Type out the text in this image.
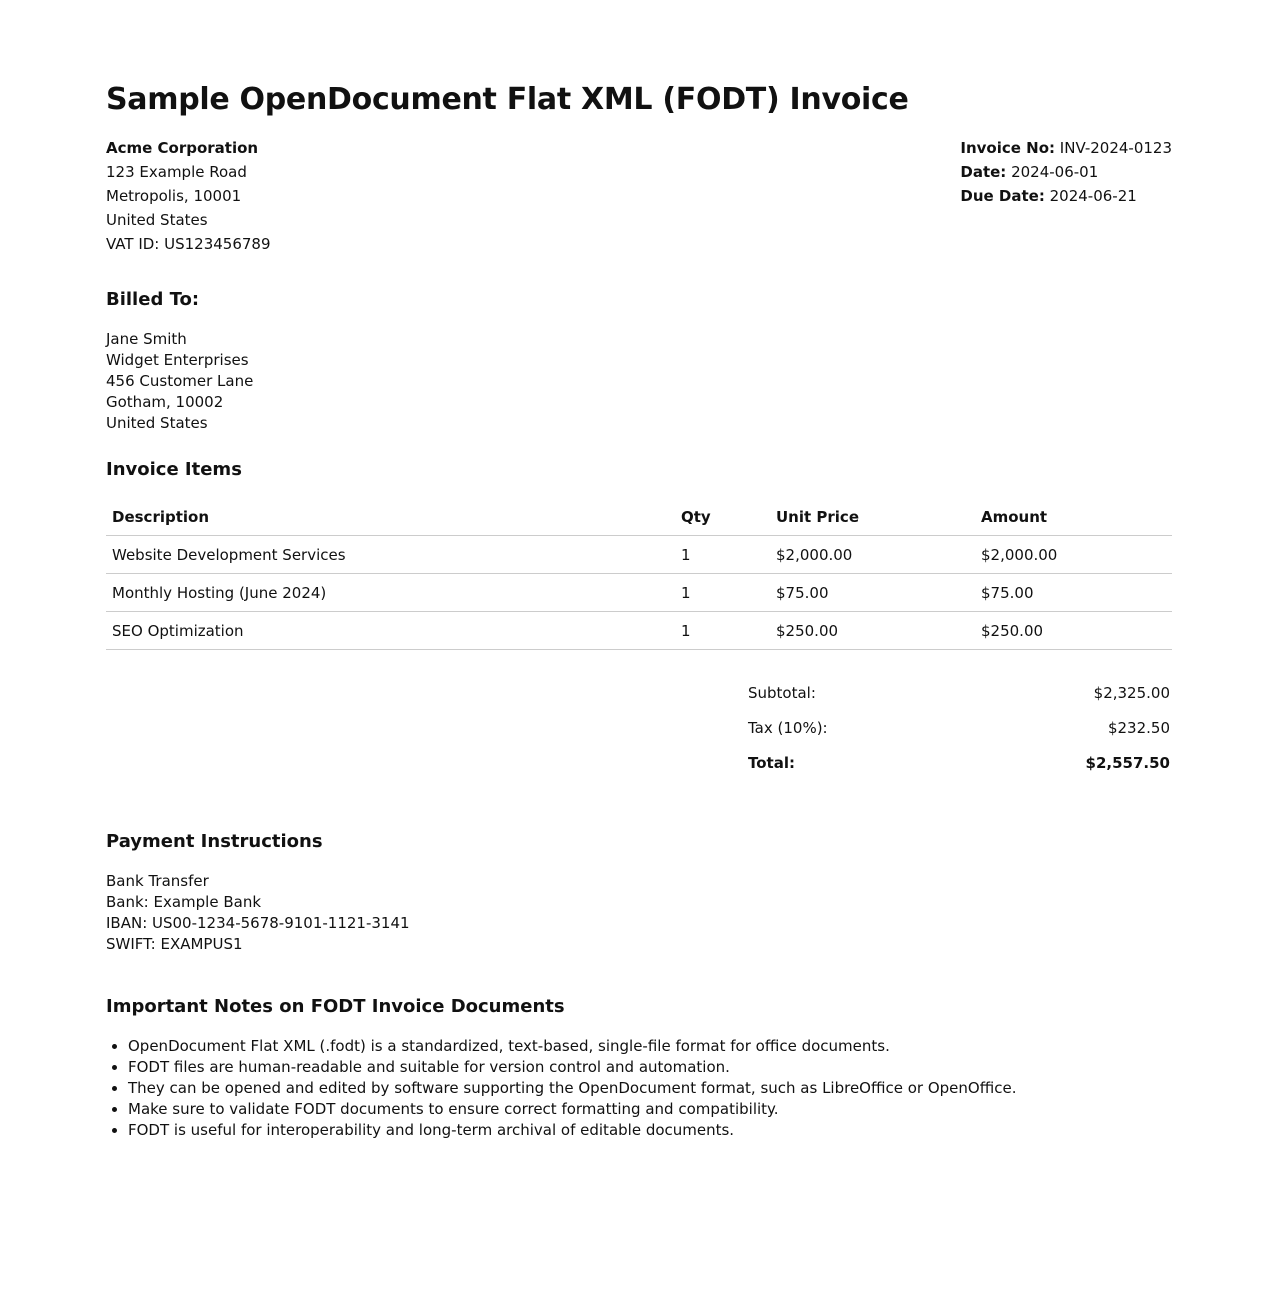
Sample OpenDocument Flat XML (FODT) Invoice
Acme Corporation
123 Example Road
Metropolis, 10001
United States
VAT ID: US123456789
Invoice No: INV-2024-0123
Date: 2024-06-01
Due Date: 2024-06-21
Billed To:
Jane Smith
Widget Enterprises
456 Customer Lane
Gotham, 10002
United States
Invoice Items
Description	Qty	Unit Price	Amount
Website Development Services	1	$2,000.00	$2,000.00
Monthly Hosting (June 2024)	1	$75.00	$75.00
SEO Optimization	1	$250.00	$250.00
Subtotal:	$2,325.00
Tax (10%):	$232.50
Total:	$2,557.50
Payment Instructions
Bank Transfer
Bank: Example Bank
IBAN: US00-1234-5678-9101-1121-3141
SWIFT: EXAMPUS1
Important Notes on FODT Invoice Documents
• OpenDocument Flat XML (.fodt) is a standardized, text-based, single-file format for office documents.
• FODT files are human-readable and suitable for version control and automation.
• They can be opened and edited by software supporting the OpenDocument format, such as LibreOffice or OpenOffice.
• Make sure to validate FODT documents to ensure correct formatting and compatibility.
• FODT is useful for interoperability and long-term archival of editable documents.
